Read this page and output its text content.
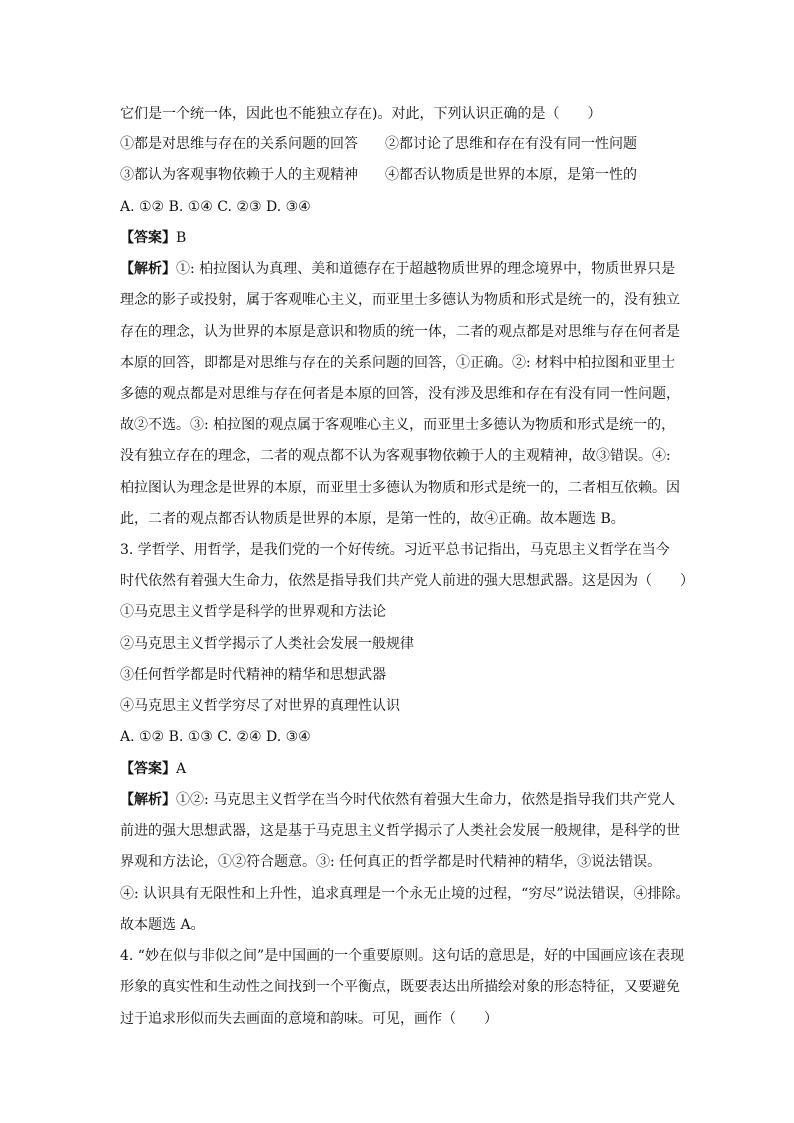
它们是一个统一体，因此也不能独立存在)。对此，下列认识正确的是（　　）
①都是对思维与存在的关系问题的回答 ②都讨论了思维和存在有没有同一性问题
③都认为客观事物依赖于人的主观精神 ④都否认物质是世界的本原，是第一性的
A. ①② B. ①④ C. ②③ D. ③④
【答案】B
【解析】①: 柏拉图认为真理、美和道德存在于超越物质世界的理念境界中，物质世界只是
理念的影子或投射，属于客观唯心主义，而亚里士多德认为物质和形式是统一的，没有独立
存在的理念，认为世界的本原是意识和物质的统一体，二者的观点都是对思维与存在何者是
本原的回答，即都是对思维与存在的关系问题的回答，①正确。②: 材料中柏拉图和亚里士
多德的观点都是对思维与存在何者是本原的回答，没有涉及思维和存在有没有同一性问题，
故②不选。③: 柏拉图的观点属于客观唯心主义，而亚里士多德认为物质和形式是统一的，
没有独立存在的理念，二者的观点都不认为客观事物依赖于人的主观精神，故③错误。④:
柏拉图认为理念是世界的本原，而亚里士多德认为物质和形式是统一的，二者相互依赖。因
此，二者的观点都否认物质是世界的本原，是第一性的，故④正确。故本题选 B。
3. 学哲学、用哲学，是我们党的一个好传统。习近平总书记指出，马克思主义哲学在当今
时代依然有着强大生命力，依然是指导我们共产党人前进的强大思想武器。这是因为（　　）
①马克思主义哲学是科学的世界观和方法论
②马克思主义哲学揭示了人类社会发展一般规律
③任何哲学都是时代精神的精华和思想武器
④马克思主义哲学穷尽了对世界的真理性认识
A. ①② B. ①③ C. ②④ D. ③④
【答案】A
【解析】①②: 马克思主义哲学在当今时代依然有着强大生命力，依然是指导我们共产党人
前进的强大思想武器，这是基于马克思主义哲学揭示了人类社会发展一般规律，是科学的世
界观和方法论，①②符合题意。③: 任何真正的哲学都是时代精神的精华，③说法错误。
④: 认识具有无限性和上升性，追求真理是一个永无止境的过程，“穷尽”说法错误，④排除。
故本题选 A。
4. “妙在似与非似之间”是中国画的一个重要原则。这句话的意思是，好的中国画应该在表现
形象的真实性和生动性之间找到一个平衡点，既要表达出所描绘对象的形态特征，又要避免
过于追求形似而失去画面的意境和韵味。可见，画作（　　）
